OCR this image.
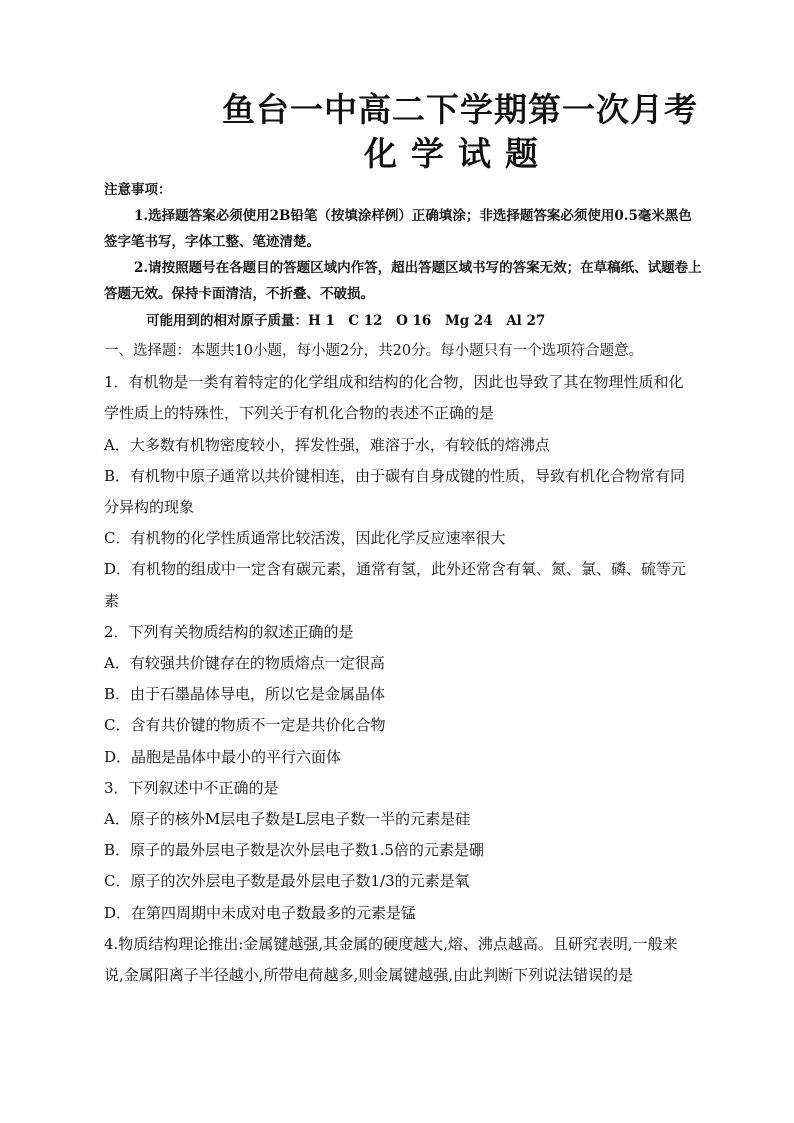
鱼台一中高二下学期第一次月考
化学试题
注意事项：
1.选择题答案必须使用2B铅笔（按填涂样例）正确填涂；非选择题答案必须使用0.5毫米黑色签字笔书写，字体工整、笔迹清楚。
2.请按照题号在各题目的答题区域内作答，超出答题区域书写的答案无效；在草稿纸、试题卷上答题无效。保持卡面清洁，不折叠、不破损。
可能用到的相对原子质量：H 1　C 12　O 16　Mg 24　Al 27

一、选择题：本题共10小题，每小题2分，共20分。每小题只有一个选项符合题意。

1．有机物是一类有着特定的化学组成和结构的化合物，因此也导致了其在物理性质和化学性质上的特殊性，下列关于有机化合物的表述不正确的是

A．大多数有机物密度较小，挥发性强，难溶于水，有较低的熔沸点

B．有机物中原子通常以共价键相连，由于碳有自身成键的性质，导致有机化合物常有同分异构的现象

C．有机物的化学性质通常比较活泼，因此化学反应速率很大

D．有机物的组成中一定含有碳元素，通常有氢，此外还常含有氧、氮、氯、磷、硫等元素

2．下列有关物质结构的叙述正确的是

A．有较强共价键存在的物质熔点一定很高

B．由于石墨晶体导电，所以它是金属晶体

C．含有共价键的物质不一定是共价化合物

D．晶胞是晶体中最小的平行六面体

3．下列叙述中不正确的是

A．原子的核外M层电子数是L层电子数一半的元素是硅

B．原子的最外层电子数是次外层电子数1.5倍的元素是硼

C．原子的次外层电子数是最外层电子数1/3的元素是氧

D．在第四周期中未成对电子数最多的元素是锰

4.物质结构理论推出:金属键越强,其金属的硬度越大,熔、沸点越高。且研究表明,一般来说,金属阳离子半径越小,所带电荷越多,则金属键越强,由此判断下列说法错误的是
